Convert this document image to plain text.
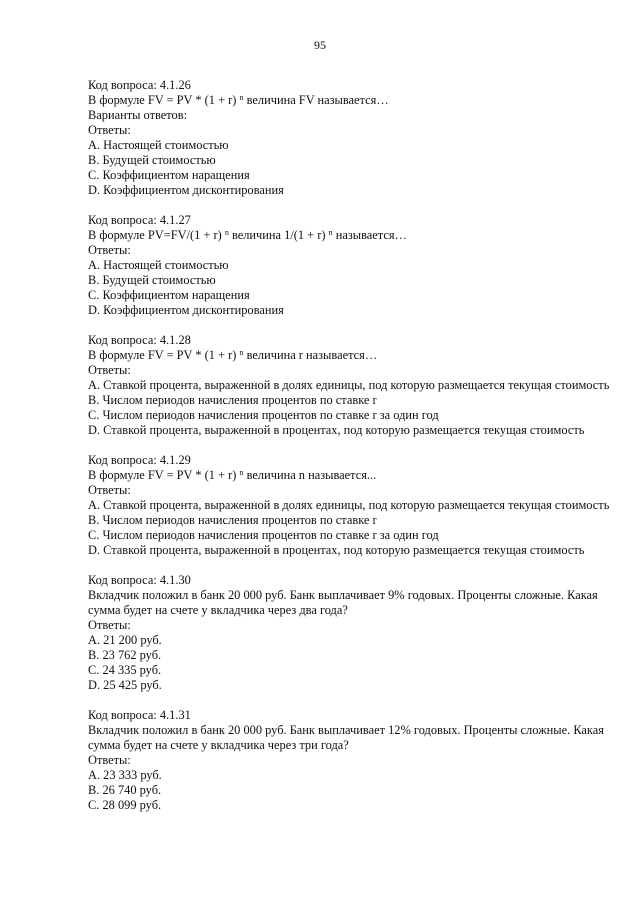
95
Код вопроса: 4.1.26
В формуле FV = PV * (1 + r) $^n$ величина FV называется…
Варианты ответов:
Ответы:
A. Настоящей стоимостью
B. Будущей стоимостью
C. Коэффициентом наращения
D. Коэффициентом дисконтирования
Код вопроса: 4.1.27
В формуле PV=FV/(1 + r) $^n$ величина 1/(1 + r) $^n$ называется…
Ответы:
A. Настоящей стоимостью
B. Будущей стоимостью
C. Коэффициентом наращения
D. Коэффициентом дисконтирования
Код вопроса: 4.1.28
В формуле FV = PV * (1 + r) $^n$ величина r называется…
Ответы:
A. Ставкой процента, выраженной в долях единицы, под которую размещается текущая стоимость
B. Числом периодов начисления процентов по ставке r
C. Числом периодов начисления процентов по ставке r за один год
D. Ставкой процента, выраженной в процентах, под которую размещается текущая стоимость
Код вопроса: 4.1.29
В формуле FV = PV * (1 + r) $^n$ величина n называется...
Ответы:
A. Ставкой процента, выраженной в долях единицы, под которую размещается текущая стоимость
B. Числом периодов начисления процентов по ставке r
C. Числом периодов начисления процентов по ставке r за один год
D. Ставкой процента, выраженной в процентах, под которую размещается текущая стоимость
Код вопроса: 4.1.30
Вкладчик положил в банк 20 000 руб. Банк выплачивает 9% годовых. Проценты сложные. Какая сумма будет на счете у вкладчика через два года?
Ответы:
A. 21 200 руб.
B. 23 762 руб.
C. 24 335 руб.
D. 25 425 руб.
Код вопроса: 4.1.31
Вкладчик положил в банк 20 000 руб. Банк выплачивает 12% годовых. Проценты сложные. Какая сумма будет на счете у вкладчика через три года?
Ответы:
A. 23 333 руб.
B. 26 740 руб.
C. 28 099 руб.
